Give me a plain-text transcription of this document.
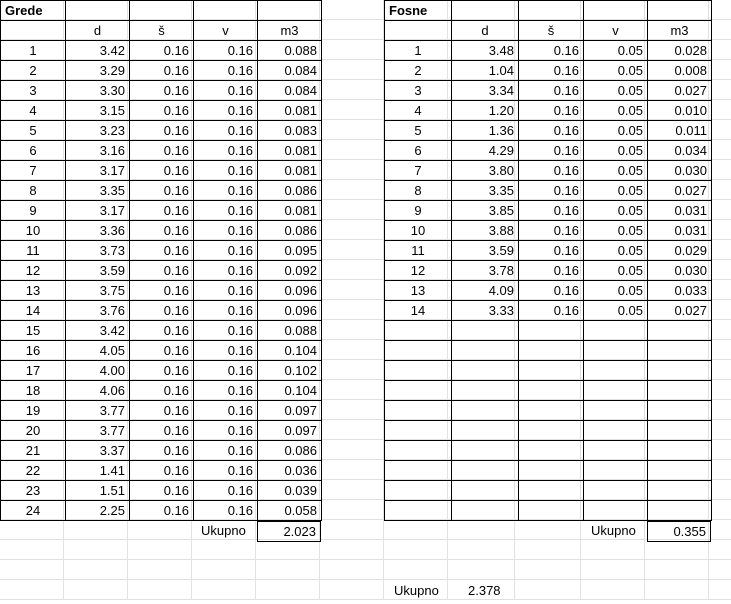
Grede				
	d	š	v	m3
1	3.42	0.16	0.16	0.088
2	3.29	0.16	0.16	0.084
3	3.30	0.16	0.16	0.084
4	3.15	0.16	0.16	0.081
5	3.23	0.16	0.16	0.083
6	3.16	0.16	0.16	0.081
7	3.17	0.16	0.16	0.081
8	3.35	0.16	0.16	0.086
9	3.17	0.16	0.16	0.081
10	3.36	0.16	0.16	0.086
11	3.73	0.16	0.16	0.095
12	3.59	0.16	0.16	0.092
13	3.75	0.16	0.16	0.096
14	3.76	0.16	0.16	0.096
15	3.42	0.16	0.16	0.088
16	4.05	0.16	0.16	0.104
17	4.00	0.16	0.16	0.102
18	4.06	0.16	0.16	0.104
19	3.77	0.16	0.16	0.097
20	3.77	0.16	0.16	0.097
21	3.37	0.16	0.16	0.086
22	1.41	0.16	0.16	0.036
23	1.51	0.16	0.16	0.039
24	2.25	0.16	0.16	0.058
Ukupno	2.023
Fosne				
	d	š	v	m3
1	3.48	0.16	0.05	0.028
2	1.04	0.16	0.05	0.008
3	3.34	0.16	0.05	0.027
4	1.20	0.16	0.05	0.010
5	1.36	0.16	0.05	0.011
6	4.29	0.16	0.05	0.034
7	3.80	0.16	0.05	0.030
8	3.35	0.16	0.05	0.027
9	3.85	0.16	0.05	0.031
10	3.88	0.16	0.05	0.031
11	3.59	0.16	0.05	0.029
12	3.78	0.16	0.05	0.030
13	4.09	0.16	0.05	0.033
14	3.33	0.16	0.05	0.027

Ukupno	0.355
Ukupno 2.378
